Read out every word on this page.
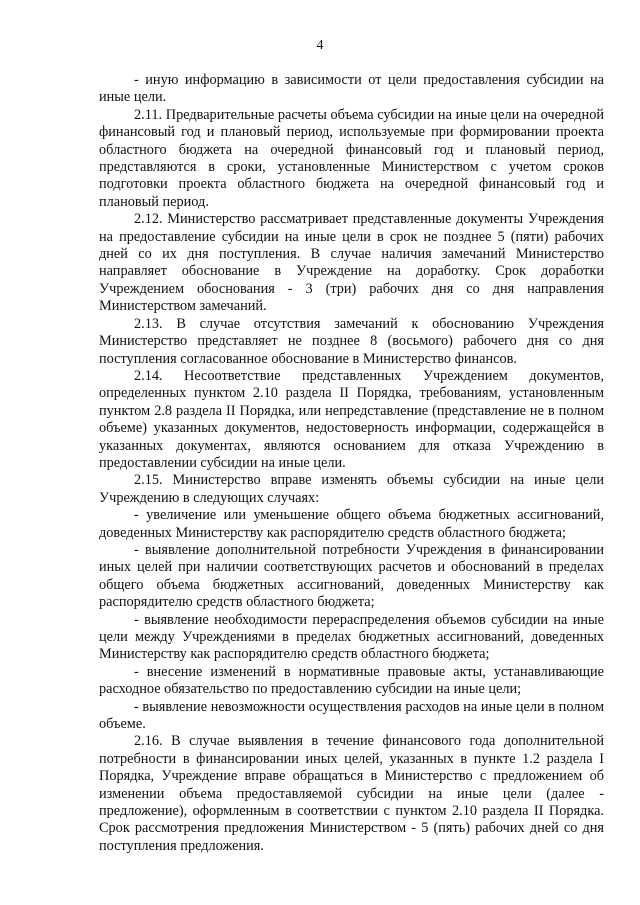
4

- иную информацию в зависимости от цели предоставления субсидии на иные цели.

2.11. Предварительные расчеты объема субсидии на иные цели на очередной финансовый год и плановый период, используемые при формировании проекта областного бюджета на очередной финансовый год и плановый период, представляются в сроки, установленные Министерством с учетом сроков подготовки проекта областного бюджета на очередной финансовый год и плановый период.

2.12. Министерство рассматривает представленные документы Учреждения на предоставление субсидии на иные цели в срок не позднее 5 (пяти) рабочих дней со их дня поступления. В случае наличия замечаний Министерство направляет обоснование в Учреждение на доработку. Срок доработки Учреждением обоснования - 3 (три) рабочих дня со дня направления Министерством замечаний.

2.13. В случае отсутствия замечаний к обоснованию Учреждения Министерство представляет не позднее 8 (восьмого) рабочего дня со дня поступления согласованное обоснование в Министерство финансов.

2.14. Несоответствие представленных Учреждением документов, определенных пунктом 2.10 раздела II Порядка, требованиям, установленным пунктом 2.8 раздела II Порядка, или непредставление (представление не в полном объеме) указанных документов, недостоверность информации, содержащейся в указанных документах, являются основанием для отказа Учреждению в предоставлении субсидии на иные цели.

2.15. Министерство вправе изменять объемы субсидии на иные цели Учреждению в следующих случаях:

- увеличение или уменьшение общего объема бюджетных ассигнований, доведенных Министерству как распорядителю средств областного бюджета;

- выявление дополнительной потребности Учреждения в финансировании иных целей при наличии соответствующих расчетов и обоснований в пределах общего объема бюджетных ассигнований, доведенных Министерству как распорядителю средств областного бюджета;

- выявление необходимости перераспределения объемов субсидии на иные цели между Учреждениями в пределах бюджетных ассигнований, доведенных Министерству как распорядителю средств областного бюджета;

- внесение изменений в нормативные правовые акты, устанавливающие расходное обязательство по предоставлению субсидии на иные цели;

- выявление невозможности осуществления расходов на иные цели в полном объеме.

2.16. В случае выявления в течение финансового года дополнительной потребности в финансировании иных целей, указанных в пункте 1.2 раздела I Порядка, Учреждение вправе обращаться в Министерство с предложением об изменении объема предоставляемой субсидии на иные цели (далее - предложение), оформленным в соответствии с пунктом 2.10 раздела II Порядка. Срок рассмотрения предложения Министерством - 5 (пять) рабочих дней со дня поступления предложения.
